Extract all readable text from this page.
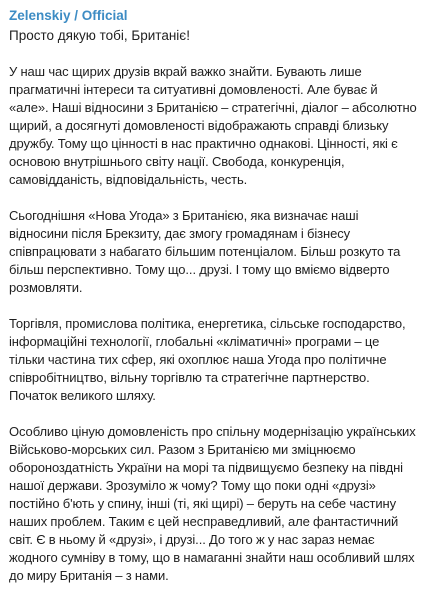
Zelenskiy / Official

Просто дякую тобі, Британіє!

У наш час щирих друзів вкрай важко знайти. Бувають лише прагматичні інтереси та ситуативні домовленості. Але буває й «але». Наші відносини з Британією – стратегічні, діалог – абсолютно щирий, а досягнуті домовленості відображають справді близьку дружбу. Тому що цінності в нас практично однакові. Цінності, які є основою внутрішнього світу нації. Свобода, конкуренція, самовідданість, відповідальність, честь.

Сьогоднішня «Нова Угода» з Британією, яка визначає наші відносини після Брекзиту, дає змогу громадянам і бізнесу співпрацювати з набагато більшим потенціалом. Більш розкуто та більш перспективно. Тому що... друзі. І тому що вміємо відверто розмовляти.

Торгівля, промислова політика, енергетика, сільське господарство, інформаційні технології, глобальні «кліматичні» програми – це тільки частина тих сфер, які охоплює наша Угода про політичне співробітництво, вільну торгівлю та стратегічне партнерство. Початок великого шляху.

Особливо ціную домовленість про спільну модернізацію українських Військово-морських сил. Разом з Британією ми зміцнюємо обороноздатність України на морі та підвищуємо безпеку на півдні нашої держави. Зрозуміло ж чому? Тому що поки одні «друзі» постійно б'ють у спину, інші (ті, які щирі) – беруть на себе частину наших проблем. Таким є цей несправедливий, але фантастичний світ. Є в ньому й «друзі», і друзі... До того ж у нас зараз немає жодного сумніву в тому, що в намаганні знайти наш особливий шлях до миру Британія – з нами.
